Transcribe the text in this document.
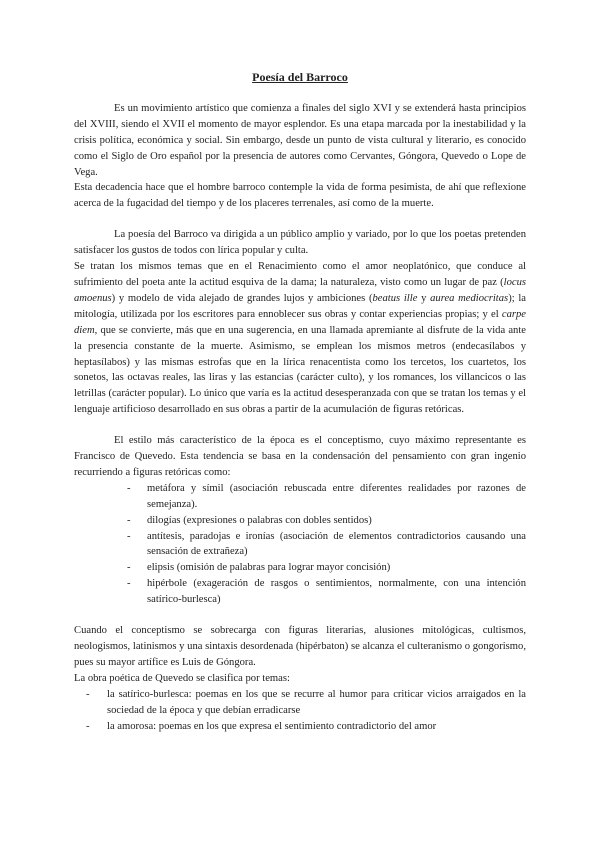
Poesía del Barroco

Es un movimiento artístico que comienza a finales del siglo XVI y se extenderá hasta principios del XVIII, siendo el XVII el momento de mayor esplendor. Es una etapa marcada por la inestabilidad y la crisis política, económica y social. Sin embargo, desde un punto de vista cultural y literario, es conocido como el Siglo de Oro español por la presencia de autores como Cervantes, Góngora, Quevedo o Lope de Vega.

Esta decadencia hace que el hombre barroco contemple la vida de forma pesimista, de ahí que reflexione acerca de la fugacidad del tiempo y de los placeres terrenales, así como de la muerte.

La poesía del Barroco va dirigida a un público amplio y variado, por lo que los poetas pretenden satisfacer los gustos de todos con lírica popular y culta.

Se tratan los mismos temas que en el Renacimiento como el amor neoplatónico, que conduce al sufrimiento del poeta ante la actitud esquiva de la dama; la naturaleza, visto como un lugar de paz (locus amoenus) y modelo de vida alejado de grandes lujos y ambiciones (beatus ille y aurea mediocritas); la mitología, utilizada por los escritores para ennoblecer sus obras y contar experiencias propias; y el carpe diem, que se convierte, más que en una sugerencia, en una llamada apremiante al disfrute de la vida ante la presencia constante de la muerte. Asimismo, se emplean los mismos metros (endecasílabos y heptasílabos) y las mismas estrofas que en la lírica renacentista como los tercetos, los cuartetos, los sonetos, las octavas reales, las liras y las estancias (carácter culto), y los romances, los villancicos o las letrillas (carácter popular). Lo único que varía es la actitud desesperanzada con que se tratan los temas y el lenguaje artificioso desarrollado en sus obras a partir de la acumulación de figuras retóricas.

El estilo más característico de la época es el conceptismo, cuyo máximo representante es Francisco de Quevedo. Esta tendencia se basa en la condensación del pensamiento con gran ingenio recurriendo a figuras retóricas como:

- metáfora y símil (asociación rebuscada entre diferentes realidades por razones de semejanza).
- dilogías (expresiones o palabras con dobles sentidos)
- antítesis, paradojas e ironías (asociación de elementos contradictorios causando una sensación de extrañeza)
- elipsis (omisión de palabras para lograr mayor concisión)
- hipérbole (exageración de rasgos o sentimientos, normalmente, con una intención satírico-burlesca)

Cuando el conceptismo se sobrecarga con figuras literarias, alusiones mitológicas, cultismos, neologismos, latinismos y una sintaxis desordenada (hipérbaton) se alcanza el culteranismo o gongorismo, pues su mayor artífice es Luis de Góngora.

La obra poética de Quevedo se clasifica por temas:

- la satírico-burlesca: poemas en los que se recurre al humor para criticar vicios arraigados en la sociedad de la época y que debían erradicarse
- la amorosa: poemas en los que expresa el sentimiento contradictorio del amor
